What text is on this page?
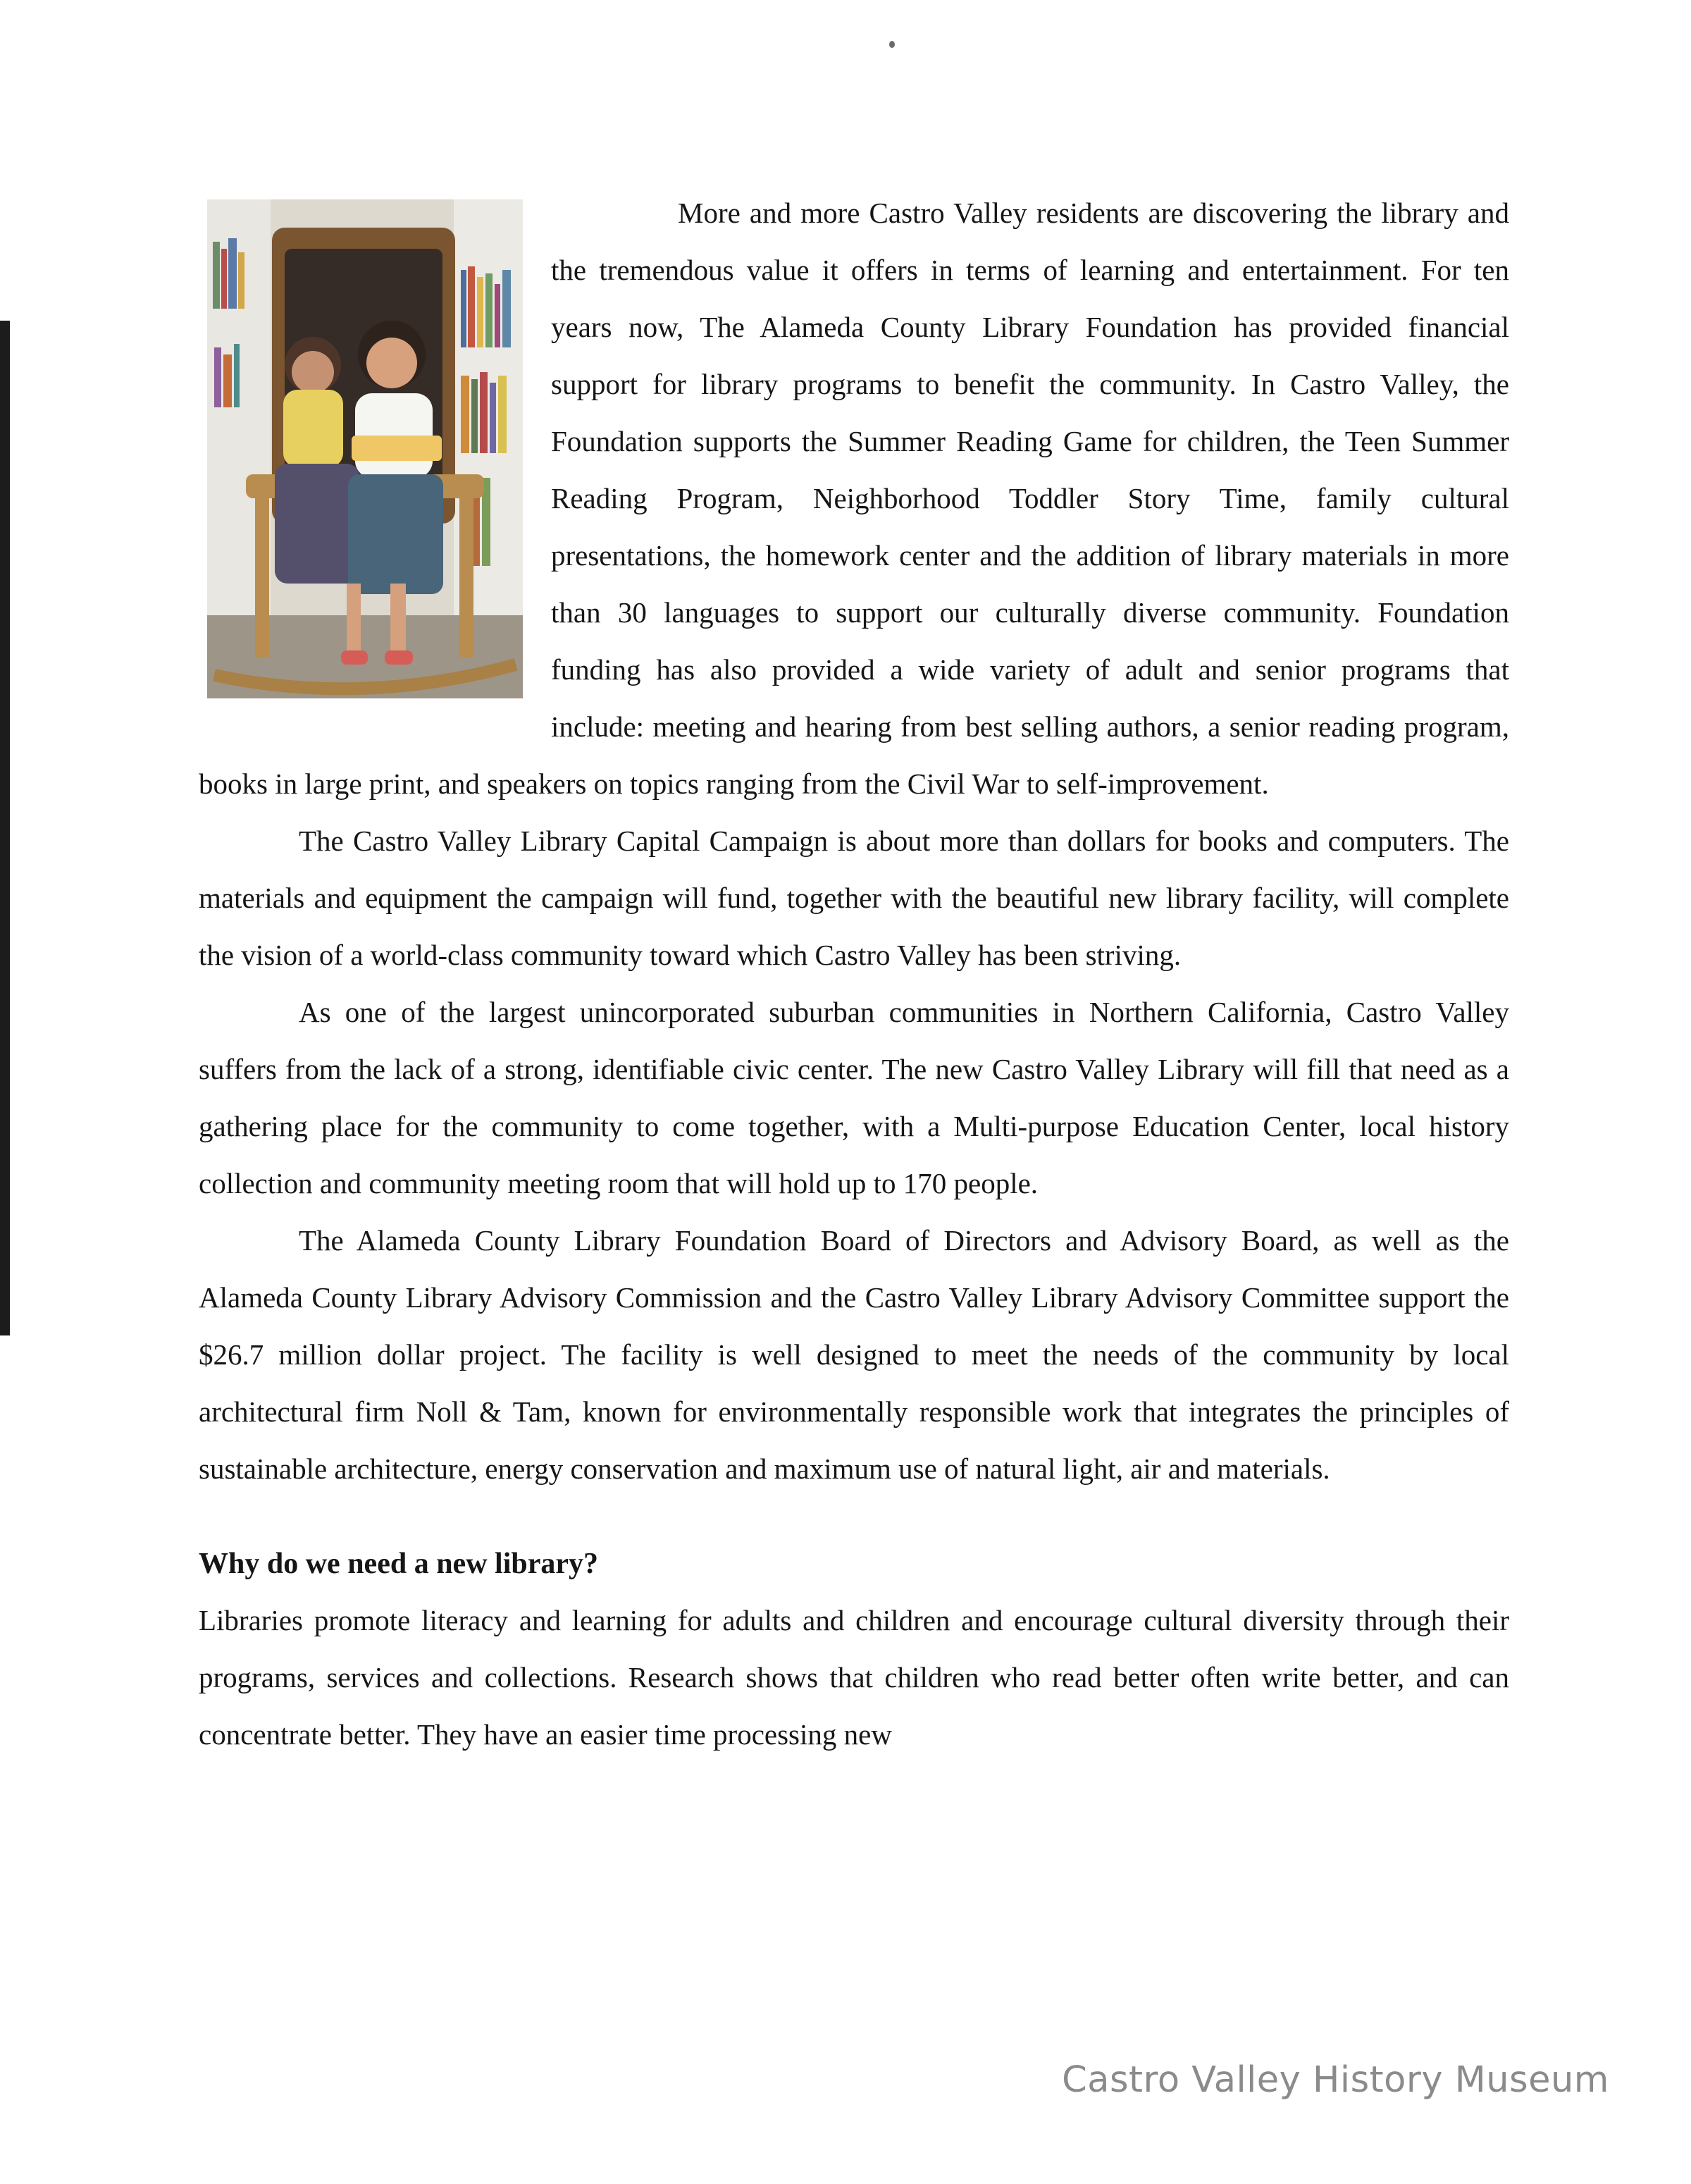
More and more Castro Valley residents are discovering the library and the tremendous value it offers in terms of learning and entertainment. For ten years now, The Alameda County Library Foundation has provided financial support for library programs to benefit the community. In Castro Valley, the Foundation supports the Summer Reading Game for children, the Teen Summer Reading Program, Neighborhood Toddler Story Time, family cultural presentations, the homework center and the addition of library materials in more than 30 languages to support our culturally diverse community. Foundation funding has also provided a wide variety of adult and senior programs that include: meeting and hearing from best selling authors, a senior reading program, books in large print, and speakers on topics ranging from the Civil War to self-improvement.

The Castro Valley Library Capital Campaign is about more than dollars for books and computers. The materials and equipment the campaign will fund, together with the beautiful new library facility, will complete the vision of a world-class community toward which Castro Valley has been striving.

As one of the largest unincorporated suburban communities in Northern California, Castro Valley suffers from the lack of a strong, identifiable civic center. The new Castro Valley Library will fill that need as a gathering place for the community to come together, with a Multi-purpose Education Center, local history collection and community meeting room that will hold up to 170 people.

The Alameda County Library Foundation Board of Directors and Advisory Board, as well as the Alameda County Library Advisory Commission and the Castro Valley Library Advisory Committee support the $26.7 million dollar project. The facility is well designed to meet the needs of the community by local architectural firm Noll & Tam, known for environmentally responsible work that integrates the principles of sustainable architecture, energy conservation and maximum use of natural light, air and materials.

Why do we need a new library?

Libraries promote literacy and learning for adults and children and encourage cultural diversity through their programs, services and collections. Research shows that children who read better often write better, and can concentrate better. They have an easier time processing new

Castro Valley History Museum
